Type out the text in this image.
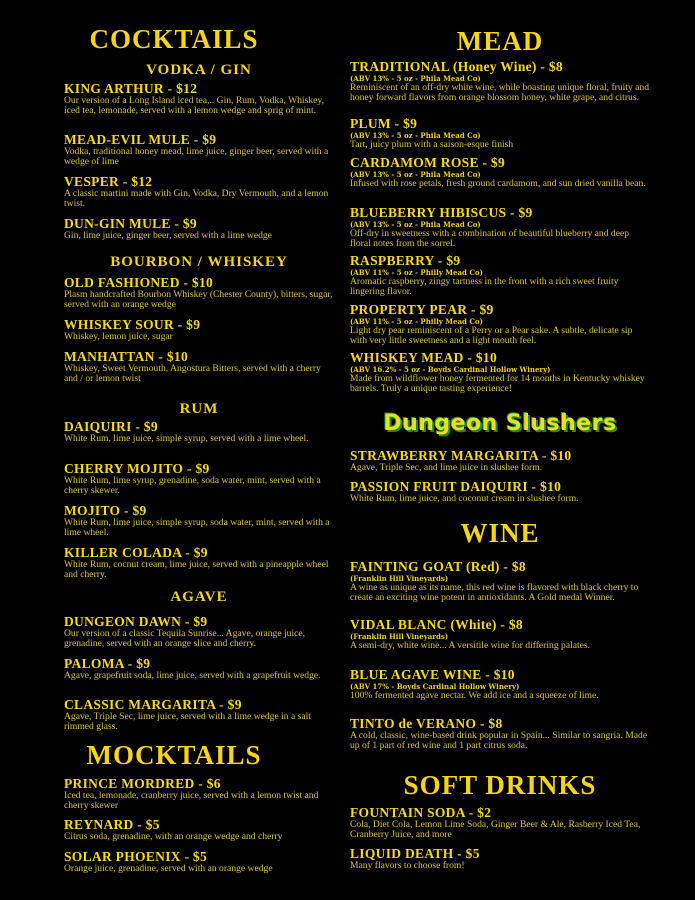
COCKTAILS
VODKA / GIN
KING ARTHUR - $12
Our version of a Long Island iced tea,.. Gin, Rum, Vodka, Whiskey, iced tea, lemonade, served with a lemon wedge and sprig of mint.
MEAD-EVIL MULE - $9
Vodka, traditional honey mead, lime juice, ginger beer, served with a wedge of lime
VESPER - $12
A classic martini made with Gin, Vodka, Dry Vermouth, and a lemon twist.
DUN-GIN MULE - $9
Gin, lime juice, ginger beer, served with a lime wedge
BOURBON / WHISKEY
OLD FASHIONED - $10
Plasm handcrafted Bourbon Whiskey (Chester County), bitters, sugar, served with an orange wedge
WHISKEY SOUR - $9
Whiskey, lemon juice, sugar
MANHATTAN - $10
Whiskey, Sweet Vermouth, Angostura Bitters, served with a cherry and / or lemon twist
RUM
DAIQUIRI - $9
White Rum, lime juice, simple syrup, served with a lime wheel.
CHERRY MOJITO - $9
White Rum, lime syrup, grenadine, soda water, mint, served with a cherry skewer.
MOJITO - $9
White Rum, lime juice, simple syrup, soda water, mint, served with a lime wheel.
KILLER COLADA - $9
White Rum, cocnut cream, lime juice, served with a pineapple wheel and cherry.
AGAVE
DUNGEON DAWN - $9
Our version of a classic Tequila Sunrise... Agave, orange juice, grenadine, served with an orange slice and cherry.
PALOMA - $9
Agave, grapefruit soda, lime juice, served with a grapefruit wedge.
CLASSIC MARGARITA - $9
Agave, Triple Sec, lime juice, served with a lime wedge in a salt rimmed glass.
MOCKTAILS
PRINCE MORDRED - $6
Iced tea, lemonade, cranberry juice, served with a lemon twist and cherry skewer
REYNARD - $5
Citrus soda, grenadine, with an orange wedge and cherry
SOLAR PHOENIX - $5
Orange juice, grenadine, served with an orange wedge
MEAD
TRADITIONAL (Honey Wine) - $8
(ABV 13% - 5 oz - Phila Mead Co)
Reminiscent of an off-dry white wine, while boasting unique floral, fruity and honey forward flavors from orange blossom honey, white grape, and citrus.
PLUM - $9
(ABV 13% - 5 oz - Phila Mead Co)
Tart, juicy plum with a saison-esque finish
CARDAMOM ROSE - $9
(ABV 13% - 5 oz - Phila Mead Co)
Infused with rose petals, fresh ground cardamom, and sun dried vanilla bean.
BLUEBERRY HIBISCUS - $9
(ABV 13% - 5 oz - Phila Mead Co)
Off-dry in sweetness with a combination of beautiful blueberry and deep floral notes from the sorrel.
RASPBERRY - $9
(ABV 11% - 5 oz - Philly Mead Co)
Aromatic raspberry, zingy tartness in the front with a rich sweet fruity lingering flavor.
PROPERTY PEAR - $9
(ABV 11% - 5 oz - Philly Mead Co)
Light dry pear reminiscent of a Perry or a Pear sake. A subtle, delicate sip with very little sweetness and a light mouth feel.
WHISKEY MEAD - $10
(ABV 16.2% - 5 oz - Boyds Cardinal Hollow Winery)
Made from wildflower honey fermented for 14 months in Kentucky whiskey barrels. Truly a unique tasting experience!
Dungeon Slushers
STRAWBERRY MARGARITA - $10
Agave, Triple Sec, and lime juice in slushee form.
PASSION FRUIT DAIQUIRI - $10
White Rum, lime juice, and coconut cream in slushee form.
WINE
FAINTING GOAT (Red) - $8
(Franklin Hill Vineyards)
A wine as unique as its name, this red wine is flavored with black cherry to create an exciting wine potent in antioxidants. A Gold medal Winner.
VIDAL BLANC (White) - $8
(Franklin Hill Vineyards)
A semi-dry, white wine... A versitile wine for differing palates.
BLUE AGAVE WINE - $10
(ABV 17% - Boyds Cardinal Hollow Winery)
100% fermented agave nectar. We add ice and a squeeze of lime.
TINTO de VERANO - $8
A cold, classic, wine-based drink popular in Spain... Similar to sangria. Made up of 1 part of red wine and 1 part citrus soda.
SOFT DRINKS
FOUNTAIN SODA - $2
Cola, Diet Cola, Lemon Lime Soda, Ginger Beer & Ale, Rasberry Iced Tea, Cranberry Juice, and more
LIQUID DEATH - $5
Many flavors to choose from!
